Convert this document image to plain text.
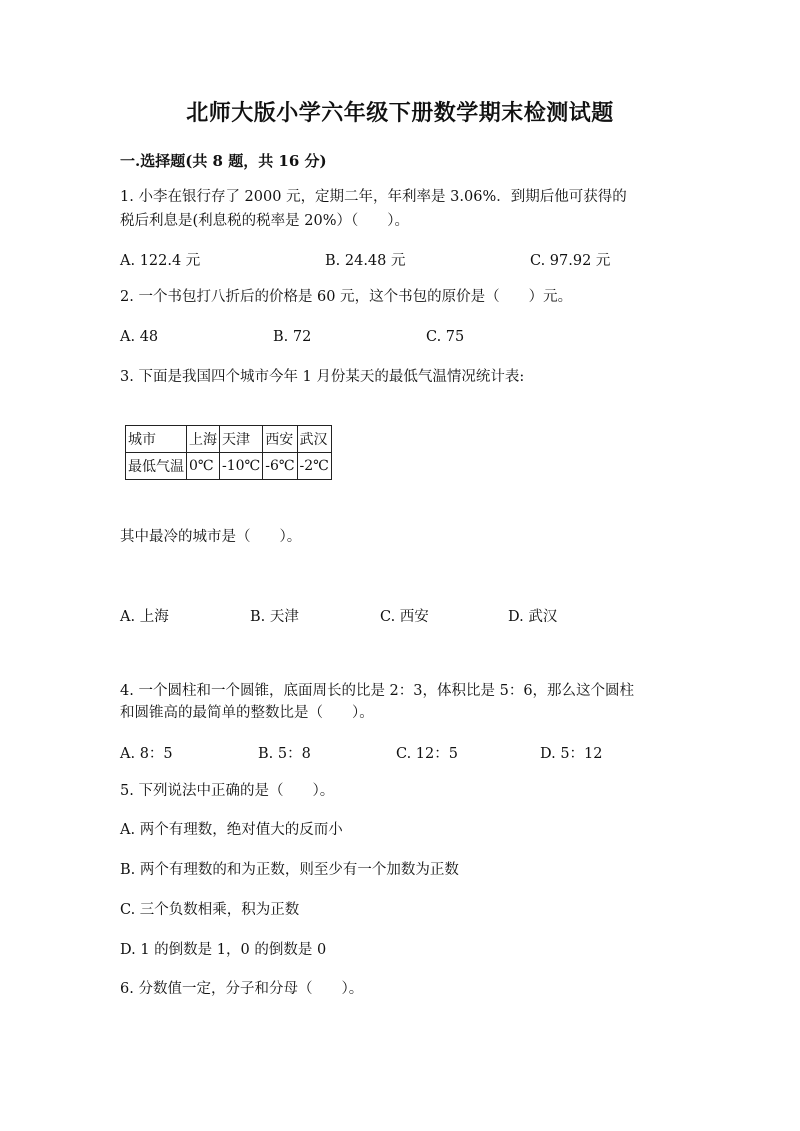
北师大版小学六年级下册数学期末检测试题
一.选择题(共 8 题，共 16 分)
1. 小李在银行存了 2000 元，定期二年，年利率是 3.06%．到期后他可获得的
税后利息是(利息税的税率是 20%）（　　）。
A. 122.4 元	B. 24.48 元	C. 97.92 元
2. 一个书包打八折后的价格是 60 元，这个书包的原价是（　　）元。
A. 48	B. 72	C. 75
3. 下面是我国四个城市今年 1 月份某天的最低气温情况统计表:
城市	上海	天津	西安	武汉
最低气温	0℃	-10℃	-6℃	-2℃
其中最冷的城市是（　　）。
A. 上海	B. 天津	C. 西安	D. 武汉
4. 一个圆柱和一个圆锥，底面周长的比是 2：3，体积比是 5：6，那么这个圆柱
和圆锥高的最简单的整数比是（　　）。
A. 8：5	B. 5：8	C. 12：5	D. 5：12
5. 下列说法中正确的是（　　）。
A. 两个有理数，绝对值大的反而小
B. 两个有理数的和为正数，则至少有一个加数为正数
C. 三个负数相乘，积为正数
D. 1 的倒数是 1，0 的倒数是 0
6. 分数值一定，分子和分母（　　）。
